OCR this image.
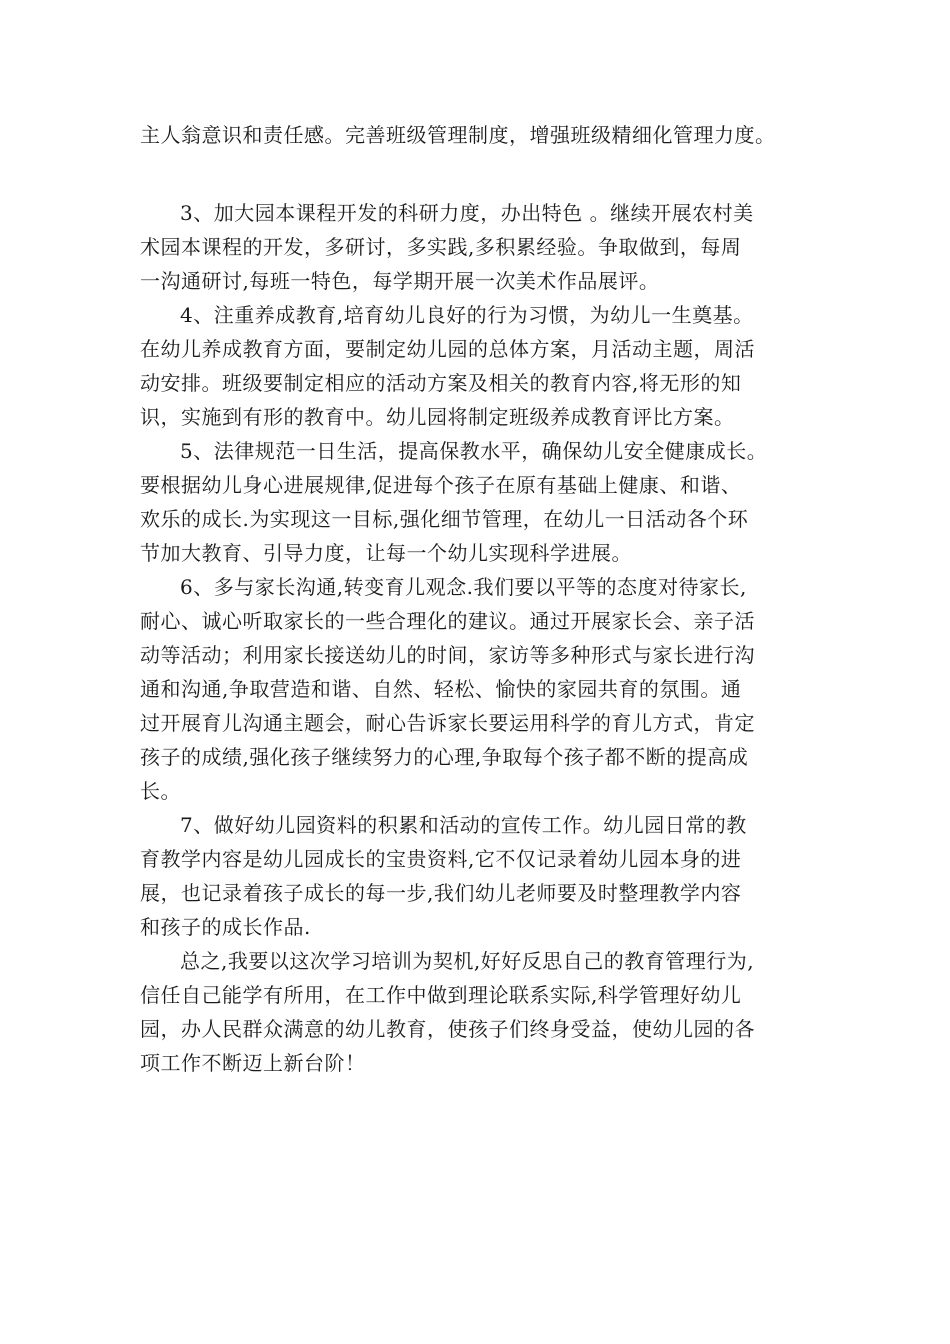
主人翁意识和责任感。完善班级管理制度，增强班级精细化管理力度。
3、加大园本课程开发的科研力度，办出特色 。继续开展农村美
术园本课程的开发，多研讨，多实践,多积累经验。争取做到，每周
一沟通研讨,每班一特色，每学期开展一次美术作品展评。
4、注重养成教育,培育幼儿良好的行为习惯，为幼儿一生奠基。
在幼儿养成教育方面，要制定幼儿园的总体方案，月活动主题，周活
动安排。班级要制定相应的活动方案及相关的教育内容,将无形的知
识，实施到有形的教育中。幼儿园将制定班级养成教育评比方案。
5、法律规范一日生活，提高保教水平，确保幼儿安全健康成长。
要根据幼儿身心进展规律,促进每个孩子在原有基础上健康、和谐、
欢乐的成长.为实现这一目标,强化细节管理，在幼儿一日活动各个环
节加大教育、引导力度，让每一个幼儿实现科学进展。
6、多与家长沟通,转变育儿观念.我们要以平等的态度对待家长,
耐心、诚心听取家长的一些合理化的建议。通过开展家长会、亲子活
动等活动；利用家长接送幼儿的时间，家访等多种形式与家长进行沟
通和沟通,争取营造和谐、自然、轻松、愉快的家园共育的氛围。通
过开展育儿沟通主题会，耐心告诉家长要运用科学的育儿方式，肯定
孩子的成绩,强化孩子继续努力的心理,争取每个孩子都不断的提高成
长。
7、做好幼儿园资料的积累和活动的宣传工作。幼儿园日常的教
育教学内容是幼儿园成长的宝贵资料,它不仅记录着幼儿园本身的进
展，也记录着孩子成长的每一步,我们幼儿老师要及时整理教学内容
和孩子的成长作品.
总之,我要以这次学习培训为契机,好好反思自己的教育管理行为,
信任自己能学有所用，在工作中做到理论联系实际,科学管理好幼儿
园，办人民群众满意的幼儿教育，使孩子们终身受益，使幼儿园的各
项工作不断迈上新台阶！
